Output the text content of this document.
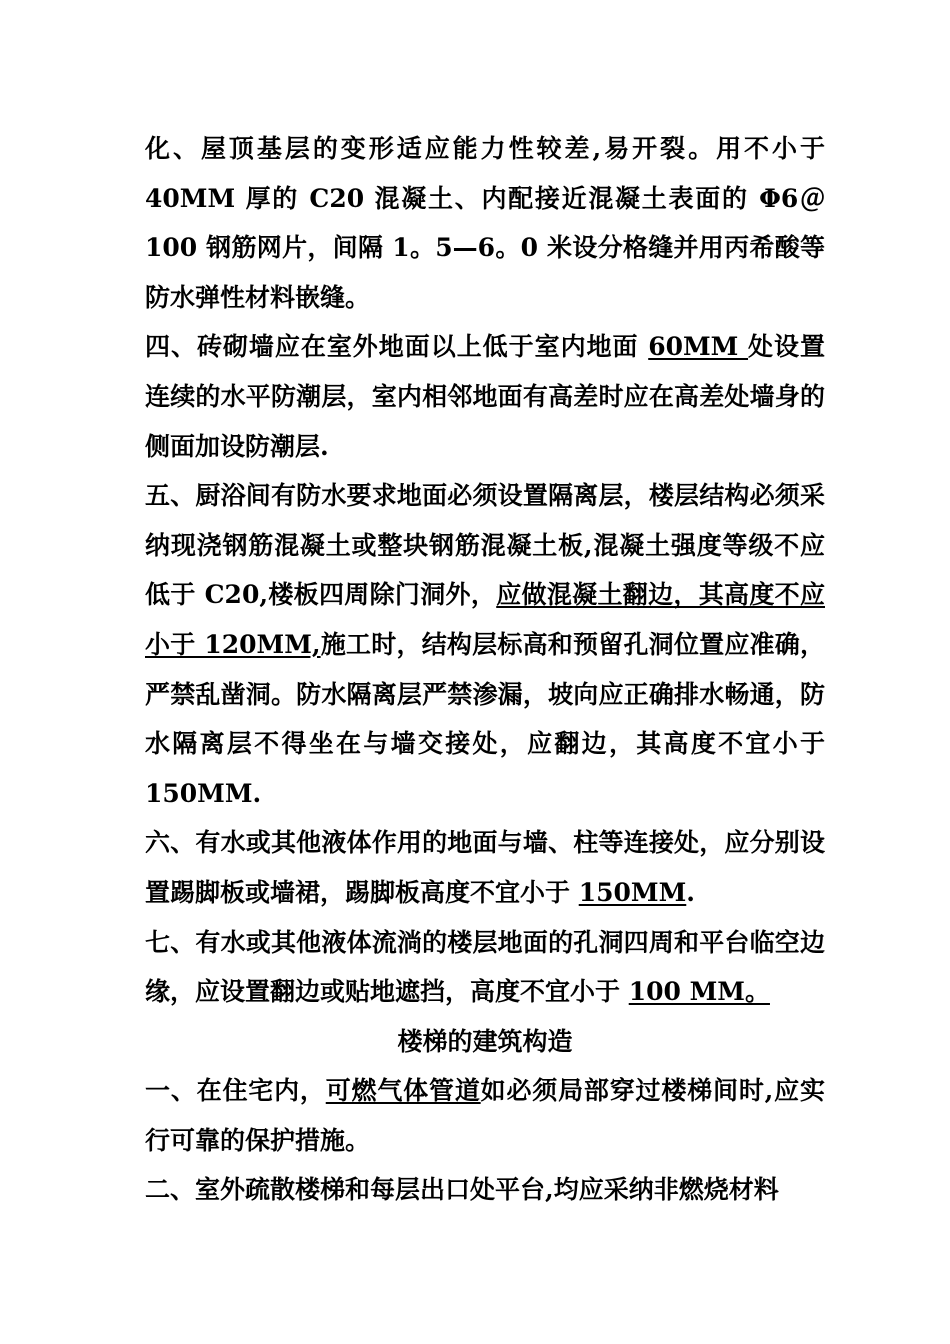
化、屋顶基层的变形适应能力性较差,易开裂。用不小于 40MM 厚的 C20 混凝土、内配接近混凝土表面的 Φ6＠100 钢筋网片，间隔 1。5—6。0 米设分格缝并用丙希酸等防水弹性材料嵌缝。

四、砖砌墙应在室外地面以上低于室内地面 60MM 处设置连续的水平防潮层，室内相邻地面有高差时应在高差处墙身的侧面加设防潮层.

五、厨浴间有防水要求地面必须设置隔离层，楼层结构必须采纳现浇钢筋混凝土或整块钢筋混凝土板,混凝土强度等级不应低于 C20,楼板四周除门洞外，应做混凝土翻边，其高度不应小于 120MM,施工时，结构层标高和预留孔洞位置应准确，严禁乱凿洞。防水隔离层严禁渗漏，坡向应正确排水畅通，防水隔离层不得坐在与墙交接处，应翻边，其高度不宜小于 150MM.

六、有水或其他液体作用的地面与墙、柱等连接处，应分别设置踢脚板或墙裙，踢脚板高度不宜小于 150MM.

七、有水或其他液体流淌的楼层地面的孔洞四周和平台临空边缘，应设置翻边或贴地遮挡，高度不宜小于 100 MM。

楼梯的建筑构造

一、在住宅内，可燃气体管道如必须局部穿过楼梯间时,应实行可靠的保护措施。

二、室外疏散楼梯和每层出口处平台,均应采纳非燃烧材料
